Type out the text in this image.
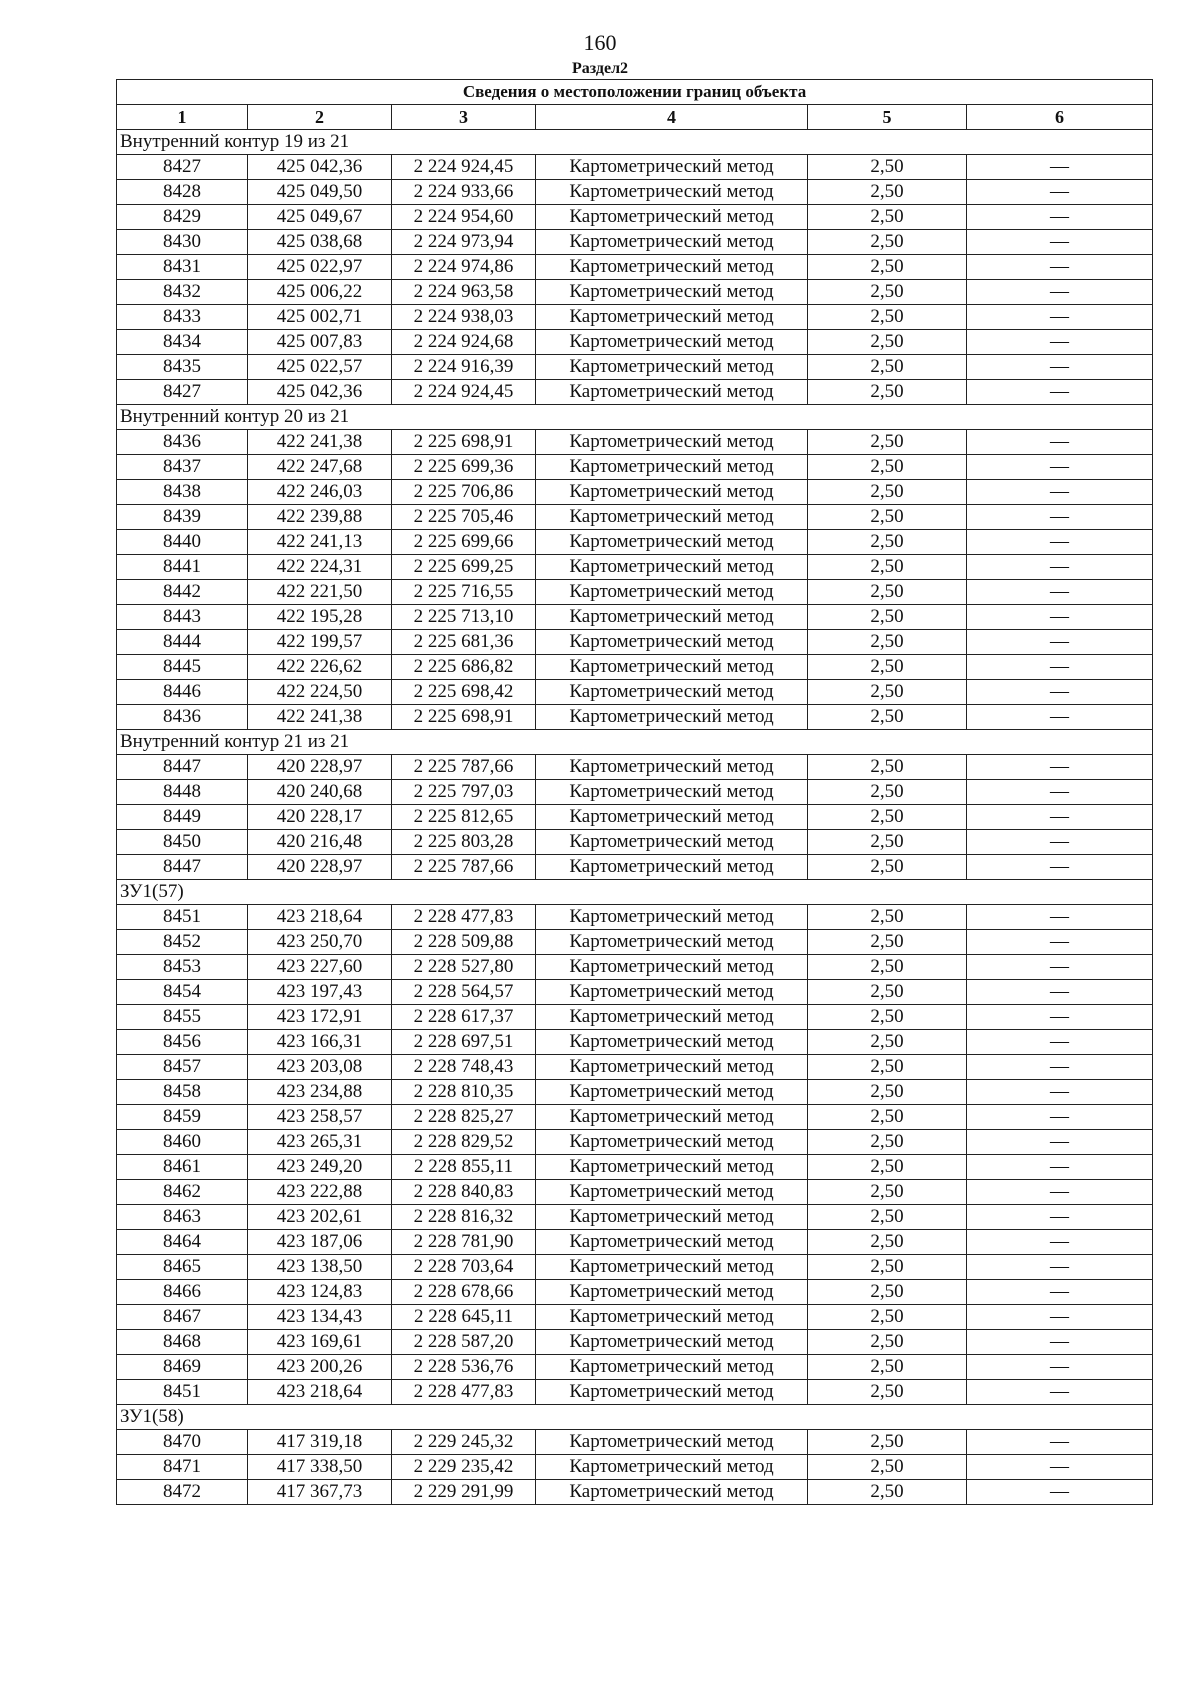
160
Раздел2
Сведения о местоположении границ объекта					
1	2	3	4	5	6
Внутренний контур 19 из 21					
8427	425 042,36	2 224 924,45	Картометрический метод	2,50	—
8428	425 049,50	2 224 933,66	Картометрический метод	2,50	—
8429	425 049,67	2 224 954,60	Картометрический метод	2,50	—
8430	425 038,68	2 224 973,94	Картометрический метод	2,50	—
8431	425 022,97	2 224 974,86	Картометрический метод	2,50	—
8432	425 006,22	2 224 963,58	Картометрический метод	2,50	—
8433	425 002,71	2 224 938,03	Картометрический метод	2,50	—
8434	425 007,83	2 224 924,68	Картометрический метод	2,50	—
8435	425 022,57	2 224 916,39	Картометрический метод	2,50	—
8427	425 042,36	2 224 924,45	Картометрический метод	2,50	—
Внутренний контур 20 из 21					
8436	422 241,38	2 225 698,91	Картометрический метод	2,50	—
8437	422 247,68	2 225 699,36	Картометрический метод	2,50	—
8438	422 246,03	2 225 706,86	Картометрический метод	2,50	—
8439	422 239,88	2 225 705,46	Картометрический метод	2,50	—
8440	422 241,13	2 225 699,66	Картометрический метод	2,50	—
8441	422 224,31	2 225 699,25	Картометрический метод	2,50	—
8442	422 221,50	2 225 716,55	Картометрический метод	2,50	—
8443	422 195,28	2 225 713,10	Картометрический метод	2,50	—
8444	422 199,57	2 225 681,36	Картометрический метод	2,50	—
8445	422 226,62	2 225 686,82	Картометрический метод	2,50	—
8446	422 224,50	2 225 698,42	Картометрический метод	2,50	—
8436	422 241,38	2 225 698,91	Картометрический метод	2,50	—
Внутренний контур 21 из 21					
8447	420 228,97	2 225 787,66	Картометрический метод	2,50	—
8448	420 240,68	2 225 797,03	Картометрический метод	2,50	—
8449	420 228,17	2 225 812,65	Картометрический метод	2,50	—
8450	420 216,48	2 225 803,28	Картометрический метод	2,50	—
8447	420 228,97	2 225 787,66	Картометрический метод	2,50	—
ЗУ1(57)					
8451	423 218,64	2 228 477,83	Картометрический метод	2,50	—
8452	423 250,70	2 228 509,88	Картометрический метод	2,50	—
8453	423 227,60	2 228 527,80	Картометрический метод	2,50	—
8454	423 197,43	2 228 564,57	Картометрический метод	2,50	—
8455	423 172,91	2 228 617,37	Картометрический метод	2,50	—
8456	423 166,31	2 228 697,51	Картометрический метод	2,50	—
8457	423 203,08	2 228 748,43	Картометрический метод	2,50	—
8458	423 234,88	2 228 810,35	Картометрический метод	2,50	—
8459	423 258,57	2 228 825,27	Картометрический метод	2,50	—
8460	423 265,31	2 228 829,52	Картометрический метод	2,50	—
8461	423 249,20	2 228 855,11	Картометрический метод	2,50	—
8462	423 222,88	2 228 840,83	Картометрический метод	2,50	—
8463	423 202,61	2 228 816,32	Картометрический метод	2,50	—
8464	423 187,06	2 228 781,90	Картометрический метод	2,50	—
8465	423 138,50	2 228 703,64	Картометрический метод	2,50	—
8466	423 124,83	2 228 678,66	Картометрический метод	2,50	—
8467	423 134,43	2 228 645,11	Картометрический метод	2,50	—
8468	423 169,61	2 228 587,20	Картометрический метод	2,50	—
8469	423 200,26	2 228 536,76	Картометрический метод	2,50	—
8451	423 218,64	2 228 477,83	Картометрический метод	2,50	—
ЗУ1(58)					
8470	417 319,18	2 229 245,32	Картометрический метод	2,50	—
8471	417 338,50	2 229 235,42	Картометрический метод	2,50	—
8472	417 367,73	2 229 291,99	Картометрический метод	2,50	—
